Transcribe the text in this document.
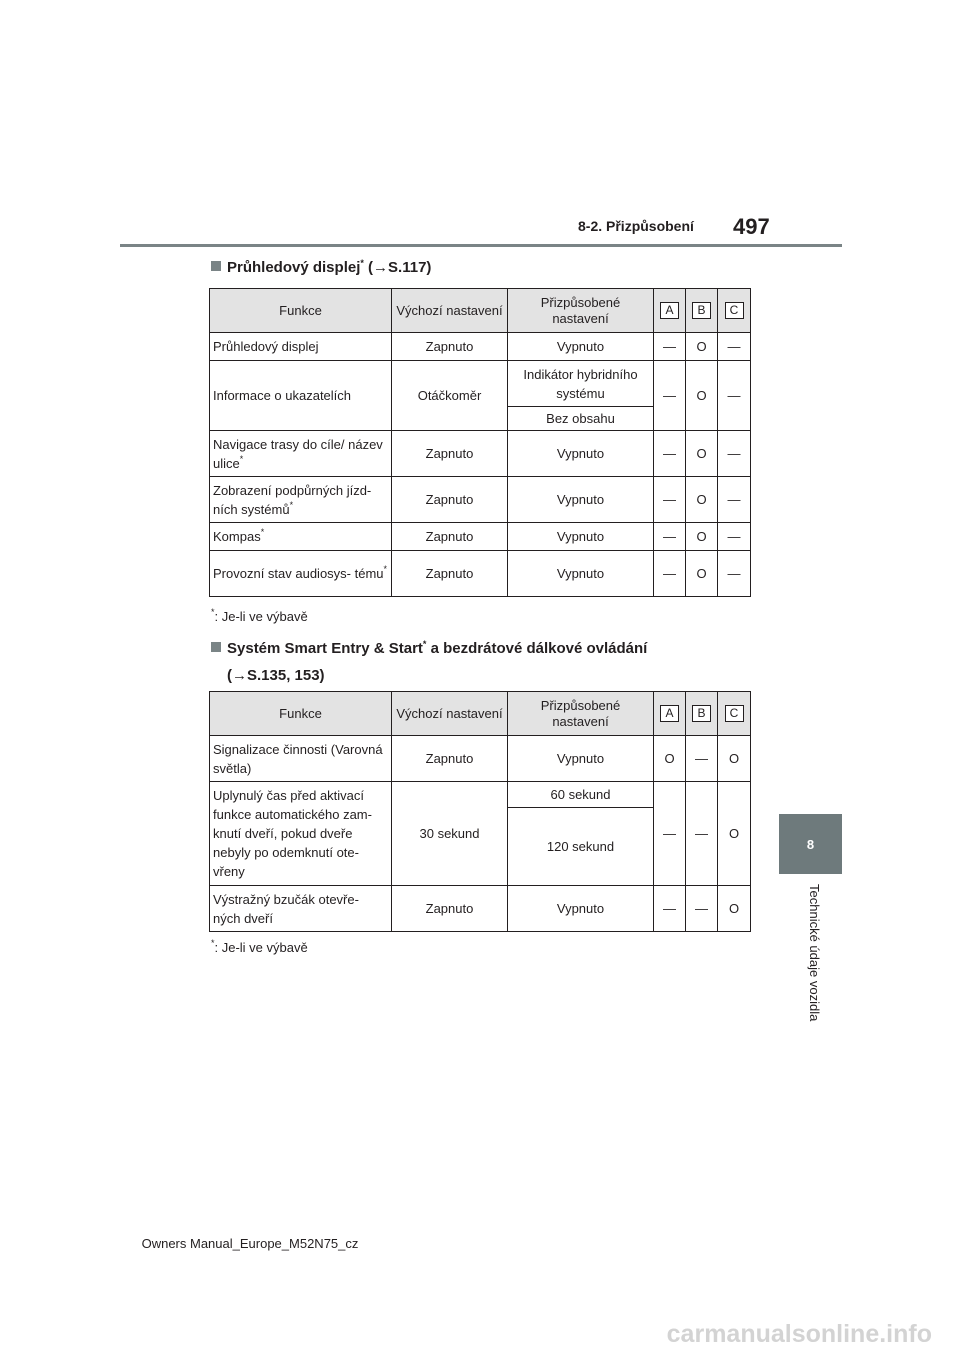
8-2. Přizpůsobení 497
8
Technické údaje vozidla
Průhledový displej* (→S.117)
Funkce	Výchozí nastavení	Přizpůsobené nastavení	A	B	C
Průhledový displej	Zapnuto	Vypnuto	—	O	—
Informace o ukazatelích	Otáčkoměr	Indikátor hybridního systému	—	O	—
		Bez obsahu			
Navigace trasy do cíle/ název ulice*	Zapnuto	Vypnuto	—	O	—
Zobrazení podpůrných jízd- ních systémů*	Zapnuto	Vypnuto	—	O	—
Kompas*	Zapnuto	Vypnuto	—	O	—
Provozní stav audiosys- tému*	Zapnuto	Vypnuto	—	O	—
*: Je-li ve výbavě
Systém Smart Entry & Start* a bezdrátové dálkové ovládání
(→S.135, 153)
Funkce	Výchozí nastavení	Přizpůsobené nastavení	A	B	C
Signalizace činnosti (Varovná světla)	Zapnuto	Vypnuto	O	—	O
Uplynulý čas před aktivací funkce automatického zam- knutí dveří, pokud dveře nebyly po odemknutí ote- vřeny	30 sekund	60 sekund	—	—	O
		120 sekund			
Výstražný bzučák otevře- ných dveří	Zapnuto	Vypnuto	—	—	O
*: Je-li ve výbavě
Owners Manual_Europe_M52N75_cz
carmanualsonline.info
